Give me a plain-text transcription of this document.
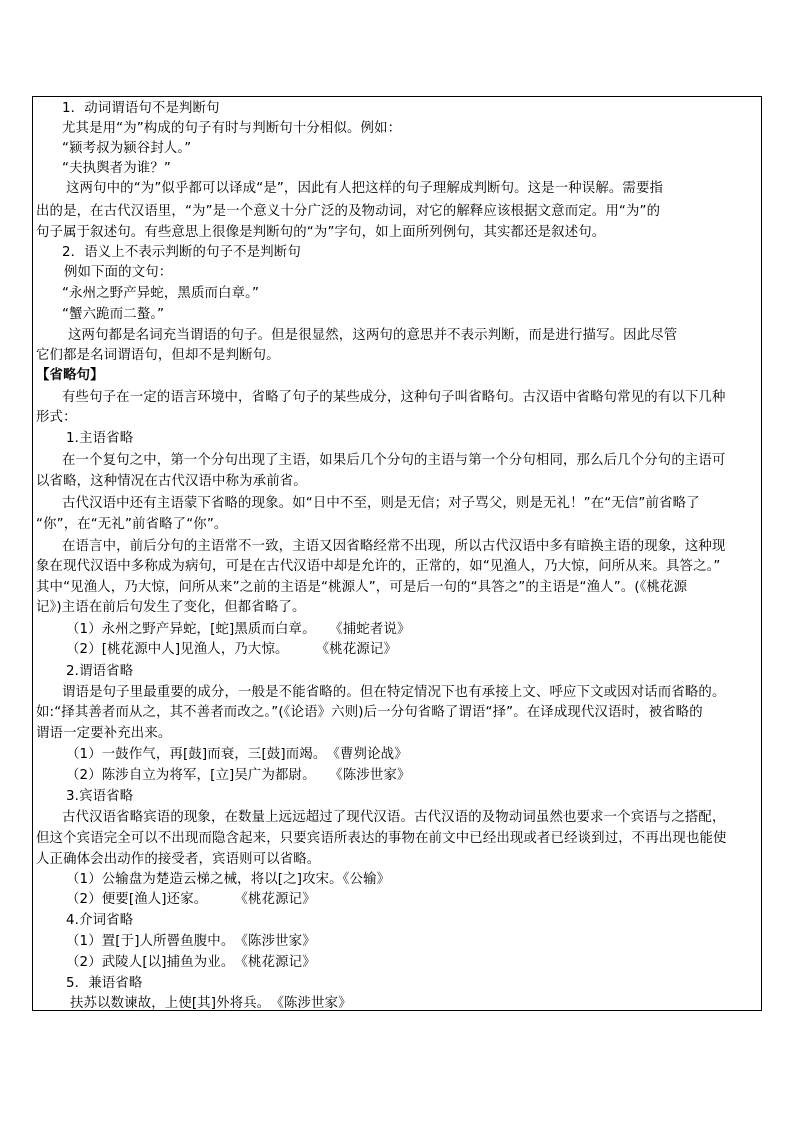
1．动词谓语句不是判断句
尤其是用“为”构成的句子有时与判断句十分相似。例如：
“颍考叔为颍谷封人。”
“夫执舆者为谁？”
这两句中的“为”似乎都可以译成“是”，因此有人把这样的句子理解成判断句。这是一种误解。需要指
出的是，在古代汉语里，“为”是一个意义十分广泛的及物动词，对它的解释应该根据文意而定。用“为”的
句子属于叙述句。有些意思上很像是判断句的“为”字句，如上面所列例句，其实都还是叙述句。
2．语义上不表示判断的句子不是判断句
例如下面的文句：
“永州之野产异蛇，黑质而白章。”
“蟹六跪而二螯。”
这两句都是名词充当谓语的句子。但是很显然，这两句的意思并不表示判断，而是进行描写。因此尽管
它们都是名词谓语句，但却不是判断句。
【省略句】
有些句子在一定的语言环境中，省略了句子的某些成分，这种句子叫省略句。古汉语中省略句常见的有以下几种
形式：
1.主语省略
在一个复句之中，第一个分句出现了主语，如果后几个分句的主语与第一个分句相同，那么后几个分句的主语可
以省略，这种情况在古代汉语中称为承前省。
古代汉语中还有主语蒙下省略的现象。如“日中不至，则是无信；对子骂父，则是无礼！”在“无信”前省略了
“你”，在“无礼”前省略了“你”。
在语言中，前后分句的主语常不一致，主语又因省略经常不出现，所以古代汉语中多有暗换主语的现象，这种现
象在现代汉语中多称成为病句，可是在古代汉语中却是允许的，正常的，如“见渔人，乃大惊，问所从来。具答之。”
其中“见渔人，乃大惊，问所从来”之前的主语是“桃源人”，可是后一句的“具答之”的主语是“渔人”。(《桃花源
记》)主语在前后句发生了变化，但都省略了。
（1）永州之野产异蛇，[蛇]黑质而白章。　　《捕蛇者说》
（2）[桃花源中人]见渔人，乃大惊。　　　《桃花源记》
2.谓语省略
谓语是句子里最重要的成分，一般是不能省略的。但在特定情况下也有承接上文、呼应下文或因对话而省略的。
如:“择其善者而从之，其不善者而改之。”(《论语》六则)后一分句省略了谓语“择”。在译成现代汉语时，被省略的
谓语一定要补充出来。
（1）一鼓作气，再[鼓]而衰，三[鼓]而竭。　《曹刿论战》
（2）陈涉自立为将军，[立]吴广为都尉。　　《陈涉世家》
3.宾语省略
古代汉语省略宾语的现象，在数量上远远超过了现代汉语。古代汉语的及物动词虽然也要求一个宾语与之搭配，
但这个宾语完全可以不出现而隐含起来，只要宾语所表达的事物在前文中已经出现或者已经谈到过，不再出现也能使
人正确体会出动作的接受者，宾语则可以省略。
（1）公输盘为楚造云梯之械，将以[之]攻宋。《公输》
（2）便要[渔人]还家。　　　《桃花源记》
4.介词省略
（1）置[于]人所罾鱼腹中。　《陈涉世家》
（2）武陵人[以]捕鱼为业。　《桃花源记》
5．兼语省略
扶苏以数谏故，上使[其]外将兵。　《陈涉世家》
